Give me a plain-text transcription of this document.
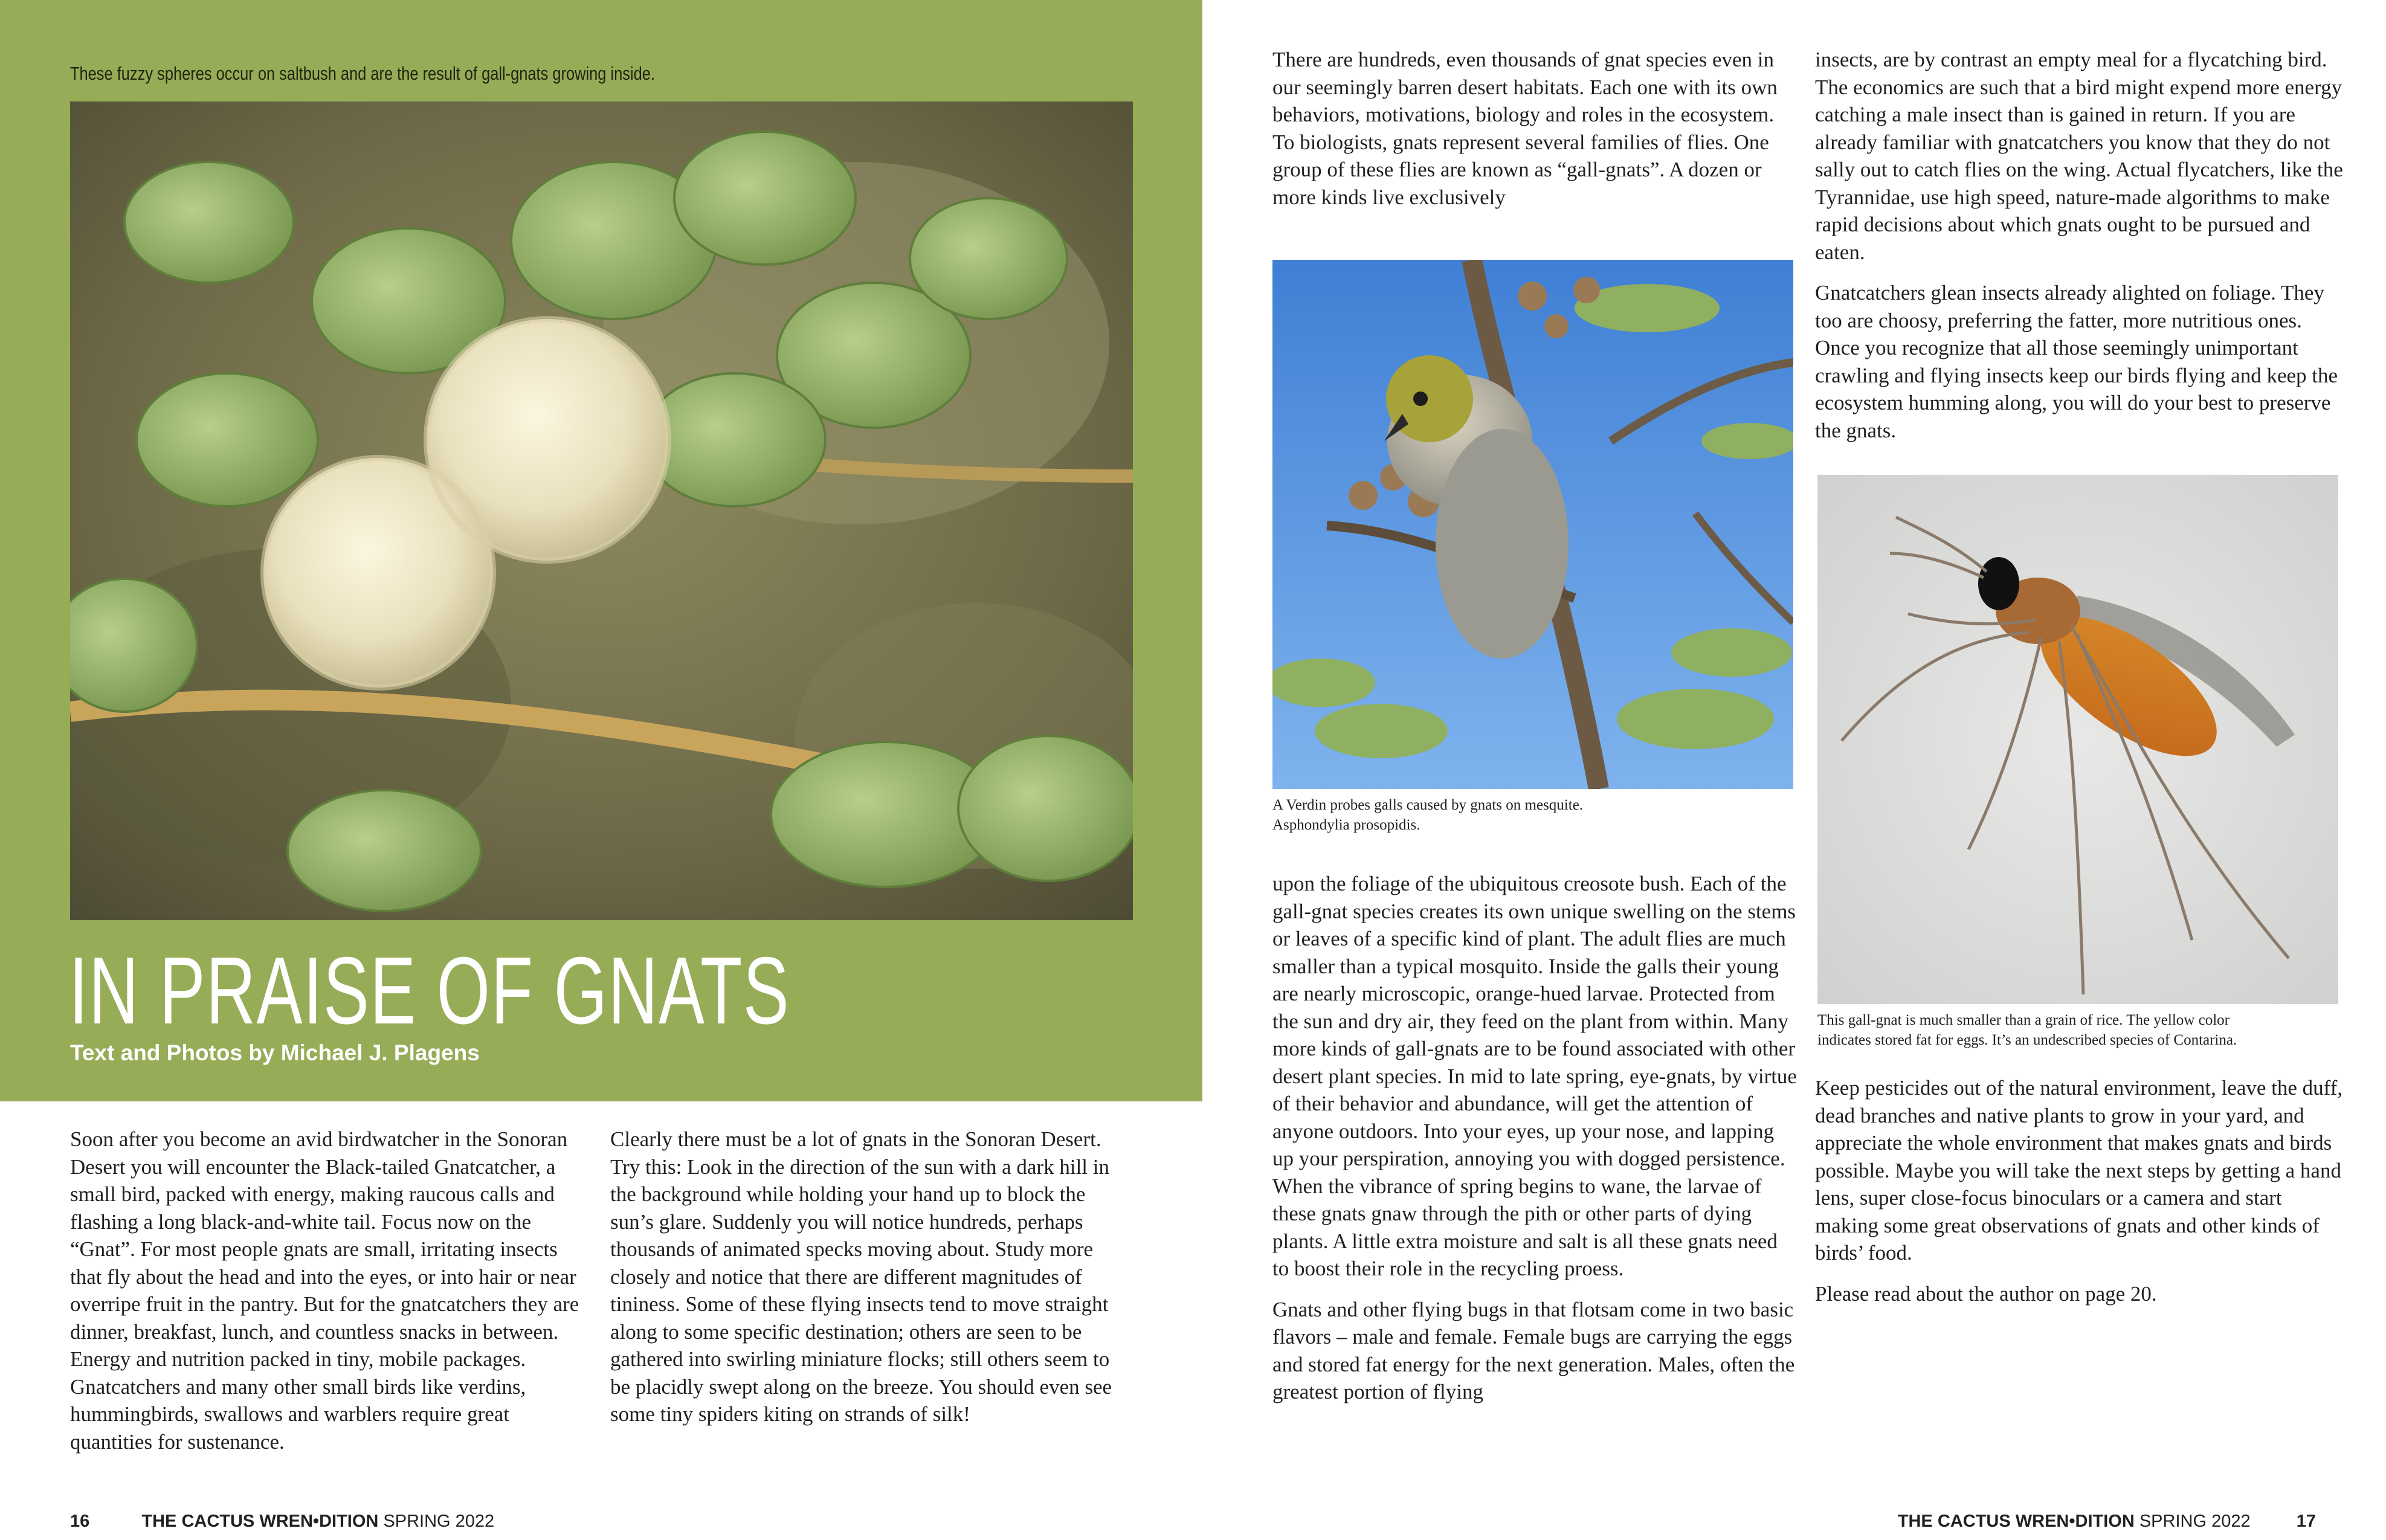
These fuzzy spheres occur on saltbush and are the result of gall-gnats growing inside.
IN PRAISE OF GNATS
Text and Photos by Michael J. Plagens

Soon after you become an avid birdwatcher in the Sonoran Desert you will encounter the Black-tailed Gnatcatcher, a small bird, packed with energy, making raucous calls and flashing a long black-and-white tail. Focus now on the “Gnat”. For most people gnats are small, irritating insects that fly about the head and into the eyes, or into hair or near overripe fruit in the pantry. But for the gnatcatchers they are dinner, breakfast, lunch, and countless snacks in between. Energy and nutrition packed in tiny, mobile packages. Gnatcatchers and many other small birds like verdins, hummingbirds, swallows and warblers require great quantities for sustenance.

Clearly there must be a lot of gnats in the Sonoran Desert. Try this: Look in the direction of the sun with a dark hill in the background while holding your hand up to block the sun’s glare. Suddenly you will notice hundreds, perhaps thousands of animated specks moving about. Study more closely and notice that there are different magnitudes of tininess. Some of these flying insects tend to move straight along to some specific destination; others are seen to be gathered into swirling miniature flocks; still others seem to be placidly swept along on the breeze. You should even see some tiny spiders kiting on strands of silk!

16	THE CACTUS WREN•DITION SPRING 2022

There are hundreds, even thousands of gnat species even in our seemingly barren desert habitats. Each one with its own behaviors, motivations, biology and roles in the ecosystem. To biologists, gnats represent several families of flies. One group of these flies are known as “gall-gnats”. A dozen or more kinds live exclusively

A Verdin probes galls caused by gnats on mesquite.
Asphondylia prosopidis.

upon the foliage of the ubiquitous creosote bush. Each of the gall-gnat species creates its own unique swelling on the stems or leaves of a specific kind of plant. The adult flies are much smaller than a typical mosquito. Inside the galls their young are nearly microscopic, orange-hued larvae. Protected from the sun and dry air, they feed on the plant from within. Many more kinds of gall-gnats are to be found associated with other desert plant species. In mid to late spring, eye-gnats, by virtue of their behavior and abundance, will get the attention of anyone outdoors. Into your eyes, up your nose, and lapping up your perspiration, annoying you with dogged persistence. When the vibrance of spring begins to wane, the larvae of these gnats gnaw through the pith or other parts of dying plants. A little extra moisture and salt is all these gnats need to boost their role in the recycling proess.

Gnats and other flying bugs in that flotsam come in two basic flavors – male and female. Female bugs are carrying the eggs and stored fat energy for the next generation. Males, often the greatest portion of flying

insects, are by contrast an empty meal for a flycatching bird. The economics are such that a bird might expend more energy catching a male insect than is gained in return. If you are already familiar with gnatcatchers you know that they do not sally out to catch flies on the wing. Actual flycatchers, like the Tyrannidae, use high speed, nature-made algorithms to make rapid decisions about which gnats ought to be pursued and eaten.

Gnatcatchers glean insects already alighted on foliage. They too are choosy, preferring the fatter, more nutritious ones. Once you recognize that all those seemingly unimportant crawling and flying insects keep our birds flying and keep the ecosystem humming along, you will do your best to preserve the gnats.

This gall-gnat is much smaller than a grain of rice. The yellow color
indicates stored fat for eggs. It’s an undescribed species of Contarina.

Keep pesticides out of the natural environment, leave the duff, dead branches and native plants to grow in your yard, and appreciate the whole environment that makes gnats and birds possible. Maybe you will take the next steps by getting a hand lens, super close-focus binoculars or a camera and start making some great observations of gnats and other kinds of birds’ food.

Please read about the author on page 20.

THE CACTUS WREN•DITION SPRING 2022	17
